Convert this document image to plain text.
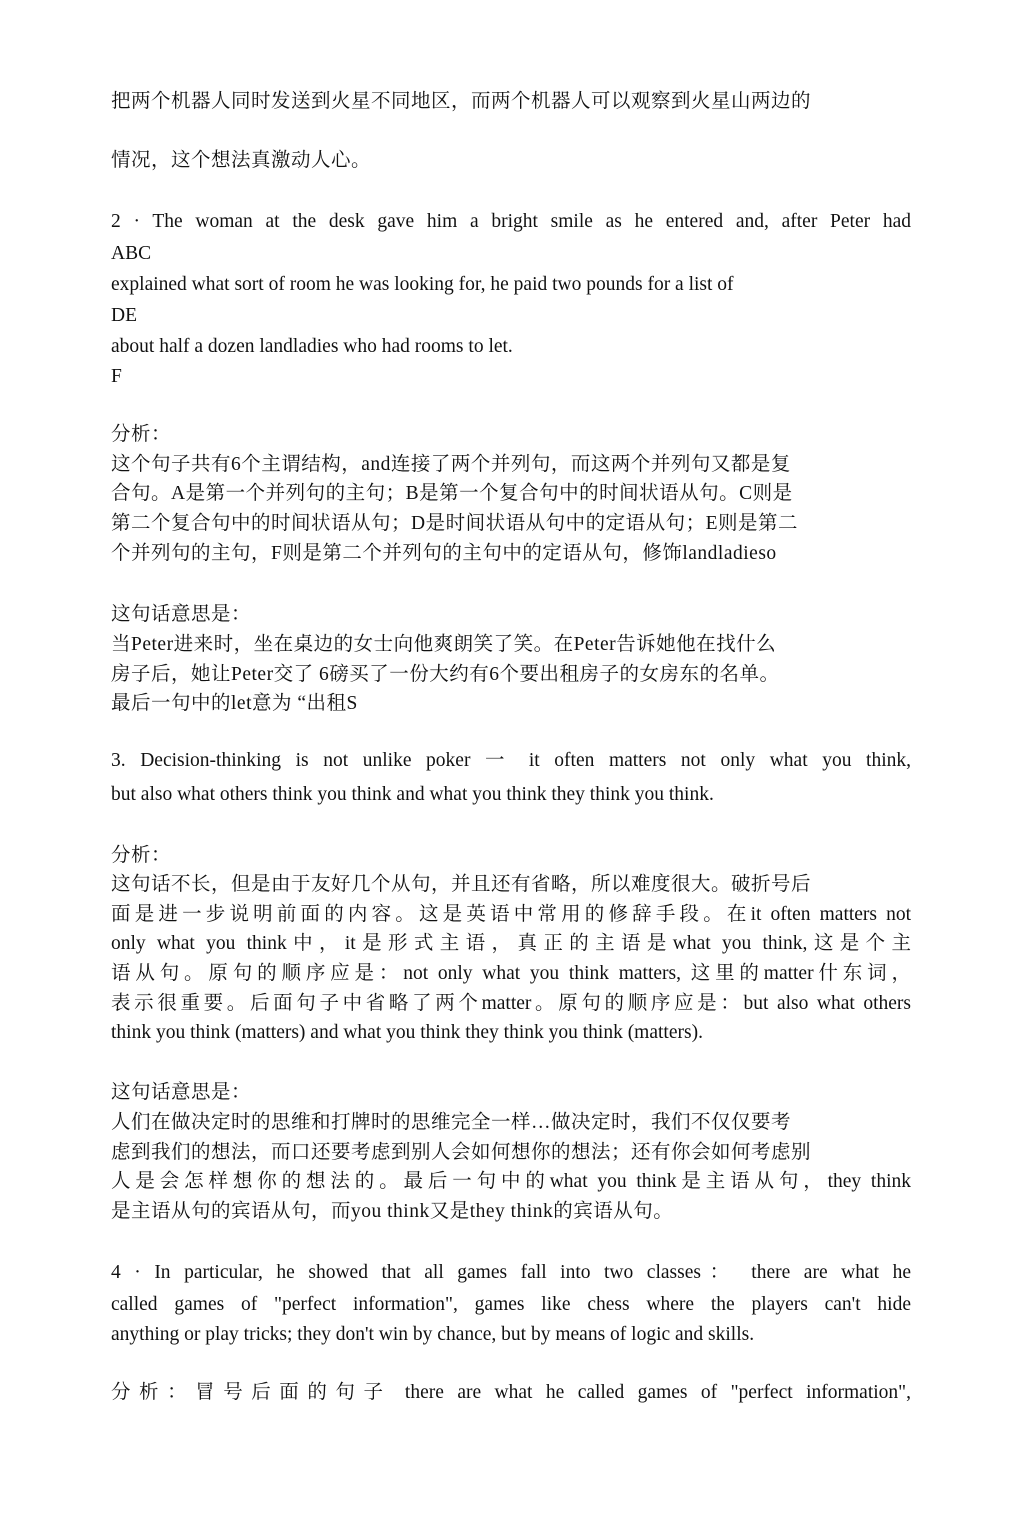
把两个机器人同时发送到火星不同地区，而两个机器人可以观察到火星山两边的
情况，这个想法真激动人心。
2 · The woman at the desk gave him a bright smile as he entered and, after Peter had
ABC
explained what sort of room he was looking for, he paid two pounds for a list of
DE
about half a dozen landladies who had rooms to let.
F
分析：
这个句子共有6个主谓结构，and连接了两个并列句，而这两个并列句又都是复
合句。A是第一个并列句的主句；B是第一个复合句中的时间状语从句。C则是
第二个复合句中的时间状语从句；D是时间状语从句中的定语从句；E则是第二
个并列句的主句，F则是第二个并列句的主句中的定语从句，修饰landladieso
这句话意思是：
当Peter进来时，坐在桌边的女士向他爽朗笑了笑。在Peter告诉她他在找什么
房子后，她让Peter交了 6磅买了一份大约有6个要出租房子的女房东的名单。
最后一句中的let意为 “出租S
3. Decision-thinking is not unlike poker 一 it often matters not only what you think,
but also what others think you think and what you think they think you think.
分析：
这句话不长，但是由于友好几个从句，并且还有省略，所以难度很大。破折号后
面是进一步说明前面的内容。这是英语中常用的修辞手段。在it often matters not
only what you think中，it是形式主语，真正的主语是what you think,这是个主
语从句。原句的顺序应是：not only what you think matters, 这里的matter什东词，
表示很重要。后面句子中省略了两个matter。原句的顺序应是：but also what others
think you think (matters) and what you think they think you think (matters).
这句话意思是：
人们在做决定时的思维和打牌时的思维完全一样…做决定时，我们不仅仅要考
虑到我们的想法，而口还要考虑到别人会如何想你的想法；还有你会如何考虑别
人是会怎样想你的想法的。最后一句中的what you think是主语从句，they think
是主语从句的宾语从句，而you think又是they think的宾语从句。
4 · In particular, he showed that all games fall into two classes： there are what he
called games of "perfect information", games like chess where the players can't hide
anything or play tricks; they don't win by chance, but by means of logic and skills.
分析：冒号后面的句子 there are what he called games of "perfect information",
